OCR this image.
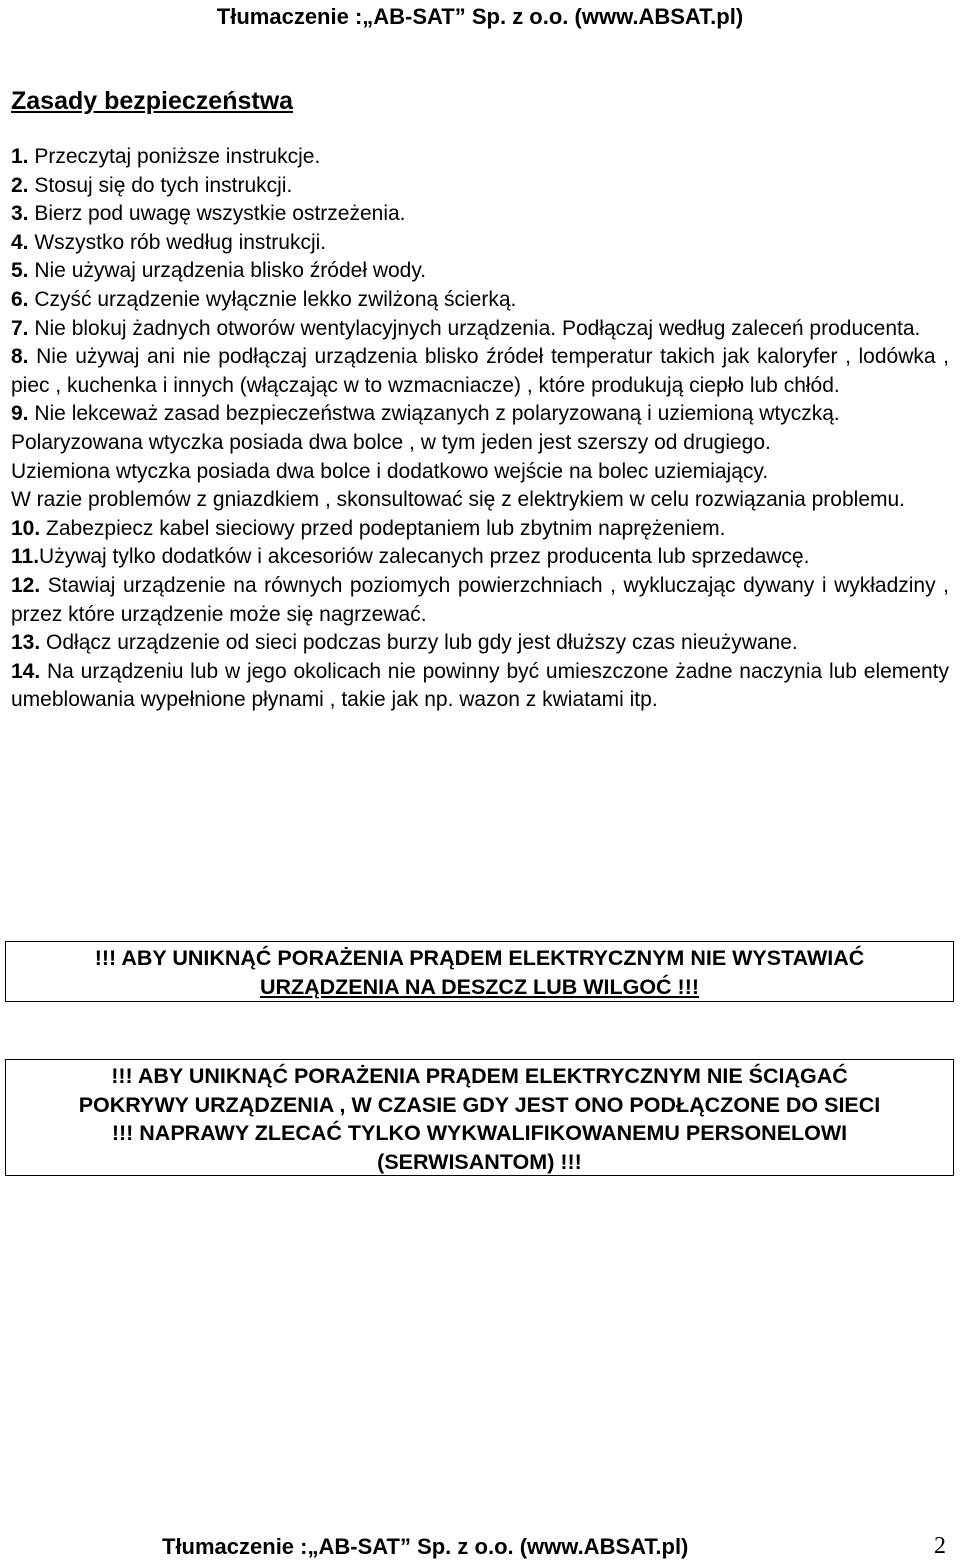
Tłumaczenie :„AB-SAT” Sp. z o.o. (www.ABSAT.pl)
Zasady bezpieczeństwa

1. Przeczytaj poniższe instrukcje.

2. Stosuj się do tych instrukcji.

3. Bierz pod uwagę wszystkie ostrzeżenia.

4. Wszystko rób według instrukcji.

5. Nie używaj urządzenia blisko źródeł wody.

6. Czyść urządzenie wyłącznie lekko zwilżoną ścierką.

7. Nie blokuj żadnych otworów wentylacyjnych urządzenia. Podłączaj według zaleceń producenta.

8. Nie używaj ani nie podłączaj urządzenia blisko źródeł temperatur takich jak kaloryfer , lodówka , piec , kuchenka i innych (włączając w to wzmacniacze) , które produkują ciepło lub chłód.

9. Nie lekceważ zasad bezpieczeństwa związanych z polaryzowaną i uziemioną wtyczką.

Polaryzowana wtyczka posiada dwa bolce , w tym jeden jest szerszy od drugiego.

Uziemiona wtyczka posiada dwa bolce i dodatkowo wejście na bolec uziemiający.

W razie problemów z gniazdkiem , skonsultować się z elektrykiem w celu rozwiązania problemu.

10. Zabezpiecz kabel sieciowy przed podeptaniem lub zbytnim naprężeniem.

11.Używaj tylko dodatków i akcesoriów zalecanych przez producenta lub sprzedawcę.

12. Stawiaj urządzenie na równych poziomych powierzchniach , wykluczając dywany i wykładziny , przez które urządzenie może się nagrzewać.

13. Odłącz urządzenie od sieci podczas burzy lub gdy jest dłuższy czas nieużywane.

14. Na urządzeniu lub w jego okolicach nie powinny być umieszczone żadne naczynia lub elementy umeblowania wypełnione płynami , takie jak np. wazon z kwiatami itp.

!!! ABY UNIKNĄĆ PORAŻENIA PRĄDEM ELEKTRYCZNYM NIE WYSTAWIAĆ
URZĄDZENIA NA DESZCZ LUB WILGOĆ !!!
!!! ABY UNIKNĄĆ PORAŻENIA PRĄDEM ELEKTRYCZNYM NIE ŚCIĄGAĆ
POKRYWY URZĄDZENIA , W CZASIE GDY JEST ONO PODŁĄCZONE DO SIECI
!!! NAPRAWY ZLECAĆ TYLKO WYKWALIFIKOWANEMU PERSONELOWI
(SERWISANTOM) !!!
Tłumaczenie :„AB-SAT” Sp. z o.o. (www.ABSAT.pl)	2
